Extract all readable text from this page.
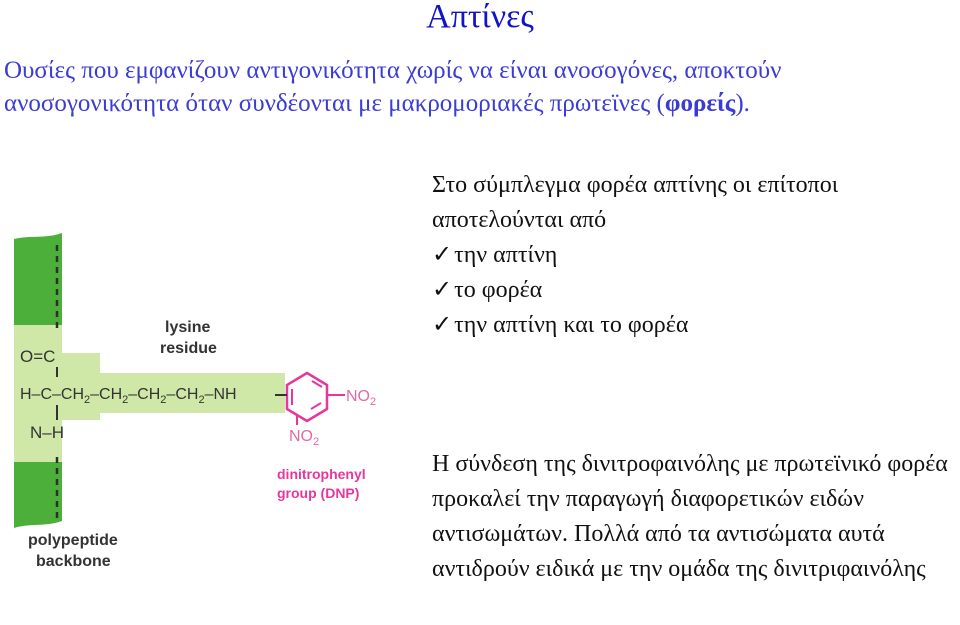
Απτίνες

Ουσίες που εμφανίζουν αντιγονικότητα χωρίς να είναι ανοσογόνες, αποκτούν ανοσογονικότητα όταν συνδέονται με μακρομοριακές πρωτεϊνες (φορείς).

Στο σύμπλεγμα φορέα απτίνης οι επίτοποι αποτελούνται από
✓την απτίνη
✓το φορέα
✓την απτίνη και το φορέα

Η σύνδεση της δινιτροφαινόλης με πρωτεϊνικό φορέα προκαλεί την παραγωγή διαφορετικών ειδών αντισωμάτων. Πολλά από τα αντισώματα αυτά αντιδρούν ειδικά με την ομάδα της δινιτριφαινόλης

O=C
$H-C-CH_2-CH_2-CH_2-CH_2-NH$
N–H
lysine residue
$NO_2$
$NO_2$
dinitrophenyl group (DNP)
polypeptide backbone
